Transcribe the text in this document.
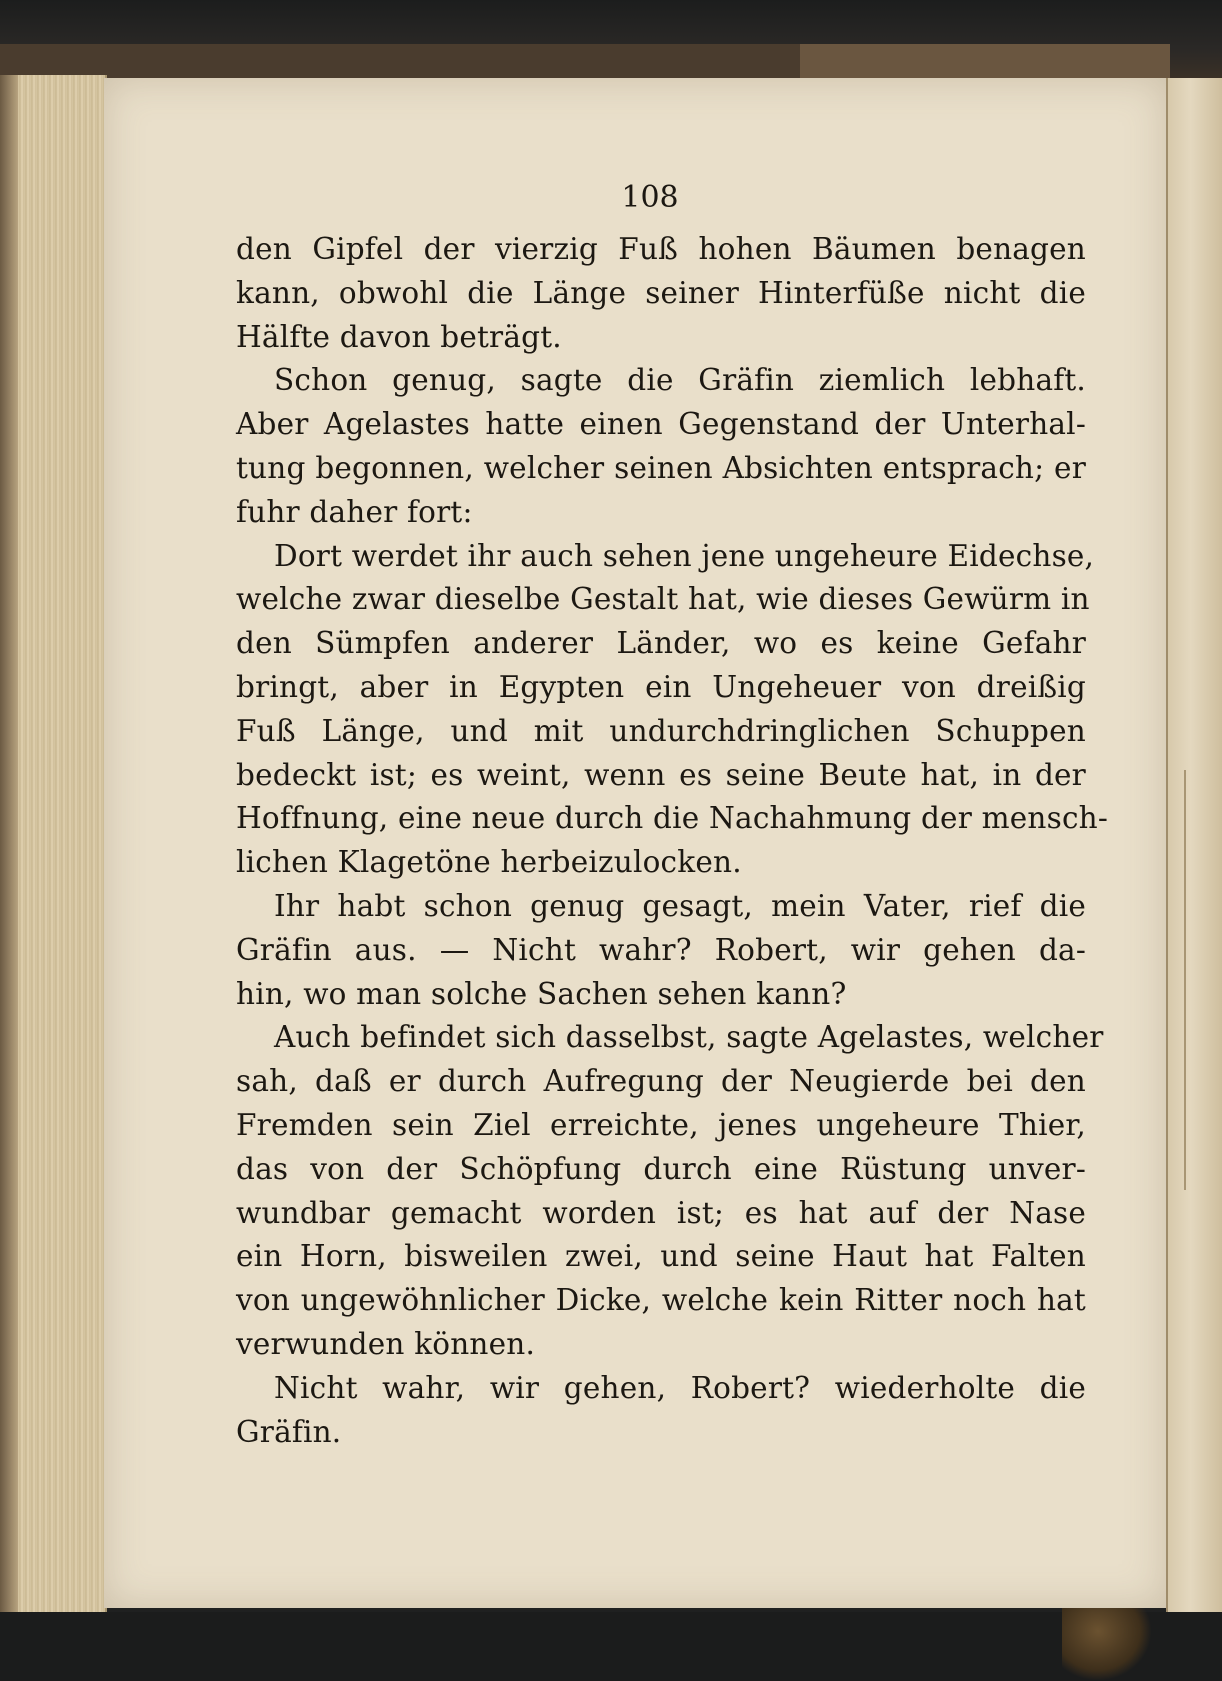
108
den Gipfel der vierzig Fuß hohen Bäumen benagen
kann, obwohl die Länge seiner Hinterfüße nicht die
Hälfte davon beträgt.
Schon genug, sagte die Gräfin ziemlich lebhaft.
Aber Agelastes hatte einen Gegenstand der Unterhal-
tung begonnen, welcher seinen Absichten entsprach; er
fuhr daher fort:
Dort werdet ihr auch sehen jene ungeheure Eidechse,
welche zwar dieselbe Gestalt hat, wie dieses Gewürm in
den Sümpfen anderer Länder, wo es keine Gefahr
bringt, aber in Egypten ein Ungeheuer von dreißig
Fuß Länge, und mit undurchdringlichen Schuppen
bedeckt ist; es weint, wenn es seine Beute hat, in der
Hoffnung, eine neue durch die Nachahmung der mensch-
lichen Klagetöne herbeizulocken.
Ihr habt schon genug gesagt, mein Vater, rief die
Gräfin aus. — Nicht wahr? Robert, wir gehen da-
hin, wo man solche Sachen sehen kann?
Auch befindet sich dasselbst, sagte Agelastes, welcher
sah, daß er durch Aufregung der Neugierde bei den
Fremden sein Ziel erreichte, jenes ungeheure Thier,
das von der Schöpfung durch eine Rüstung unver-
wundbar gemacht worden ist; es hat auf der Nase
ein Horn, bisweilen zwei, und seine Haut hat Falten
von ungewöhnlicher Dicke, welche kein Ritter noch hat
verwunden können.
Nicht wahr, wir gehen, Robert? wiederholte die
Gräfin.
